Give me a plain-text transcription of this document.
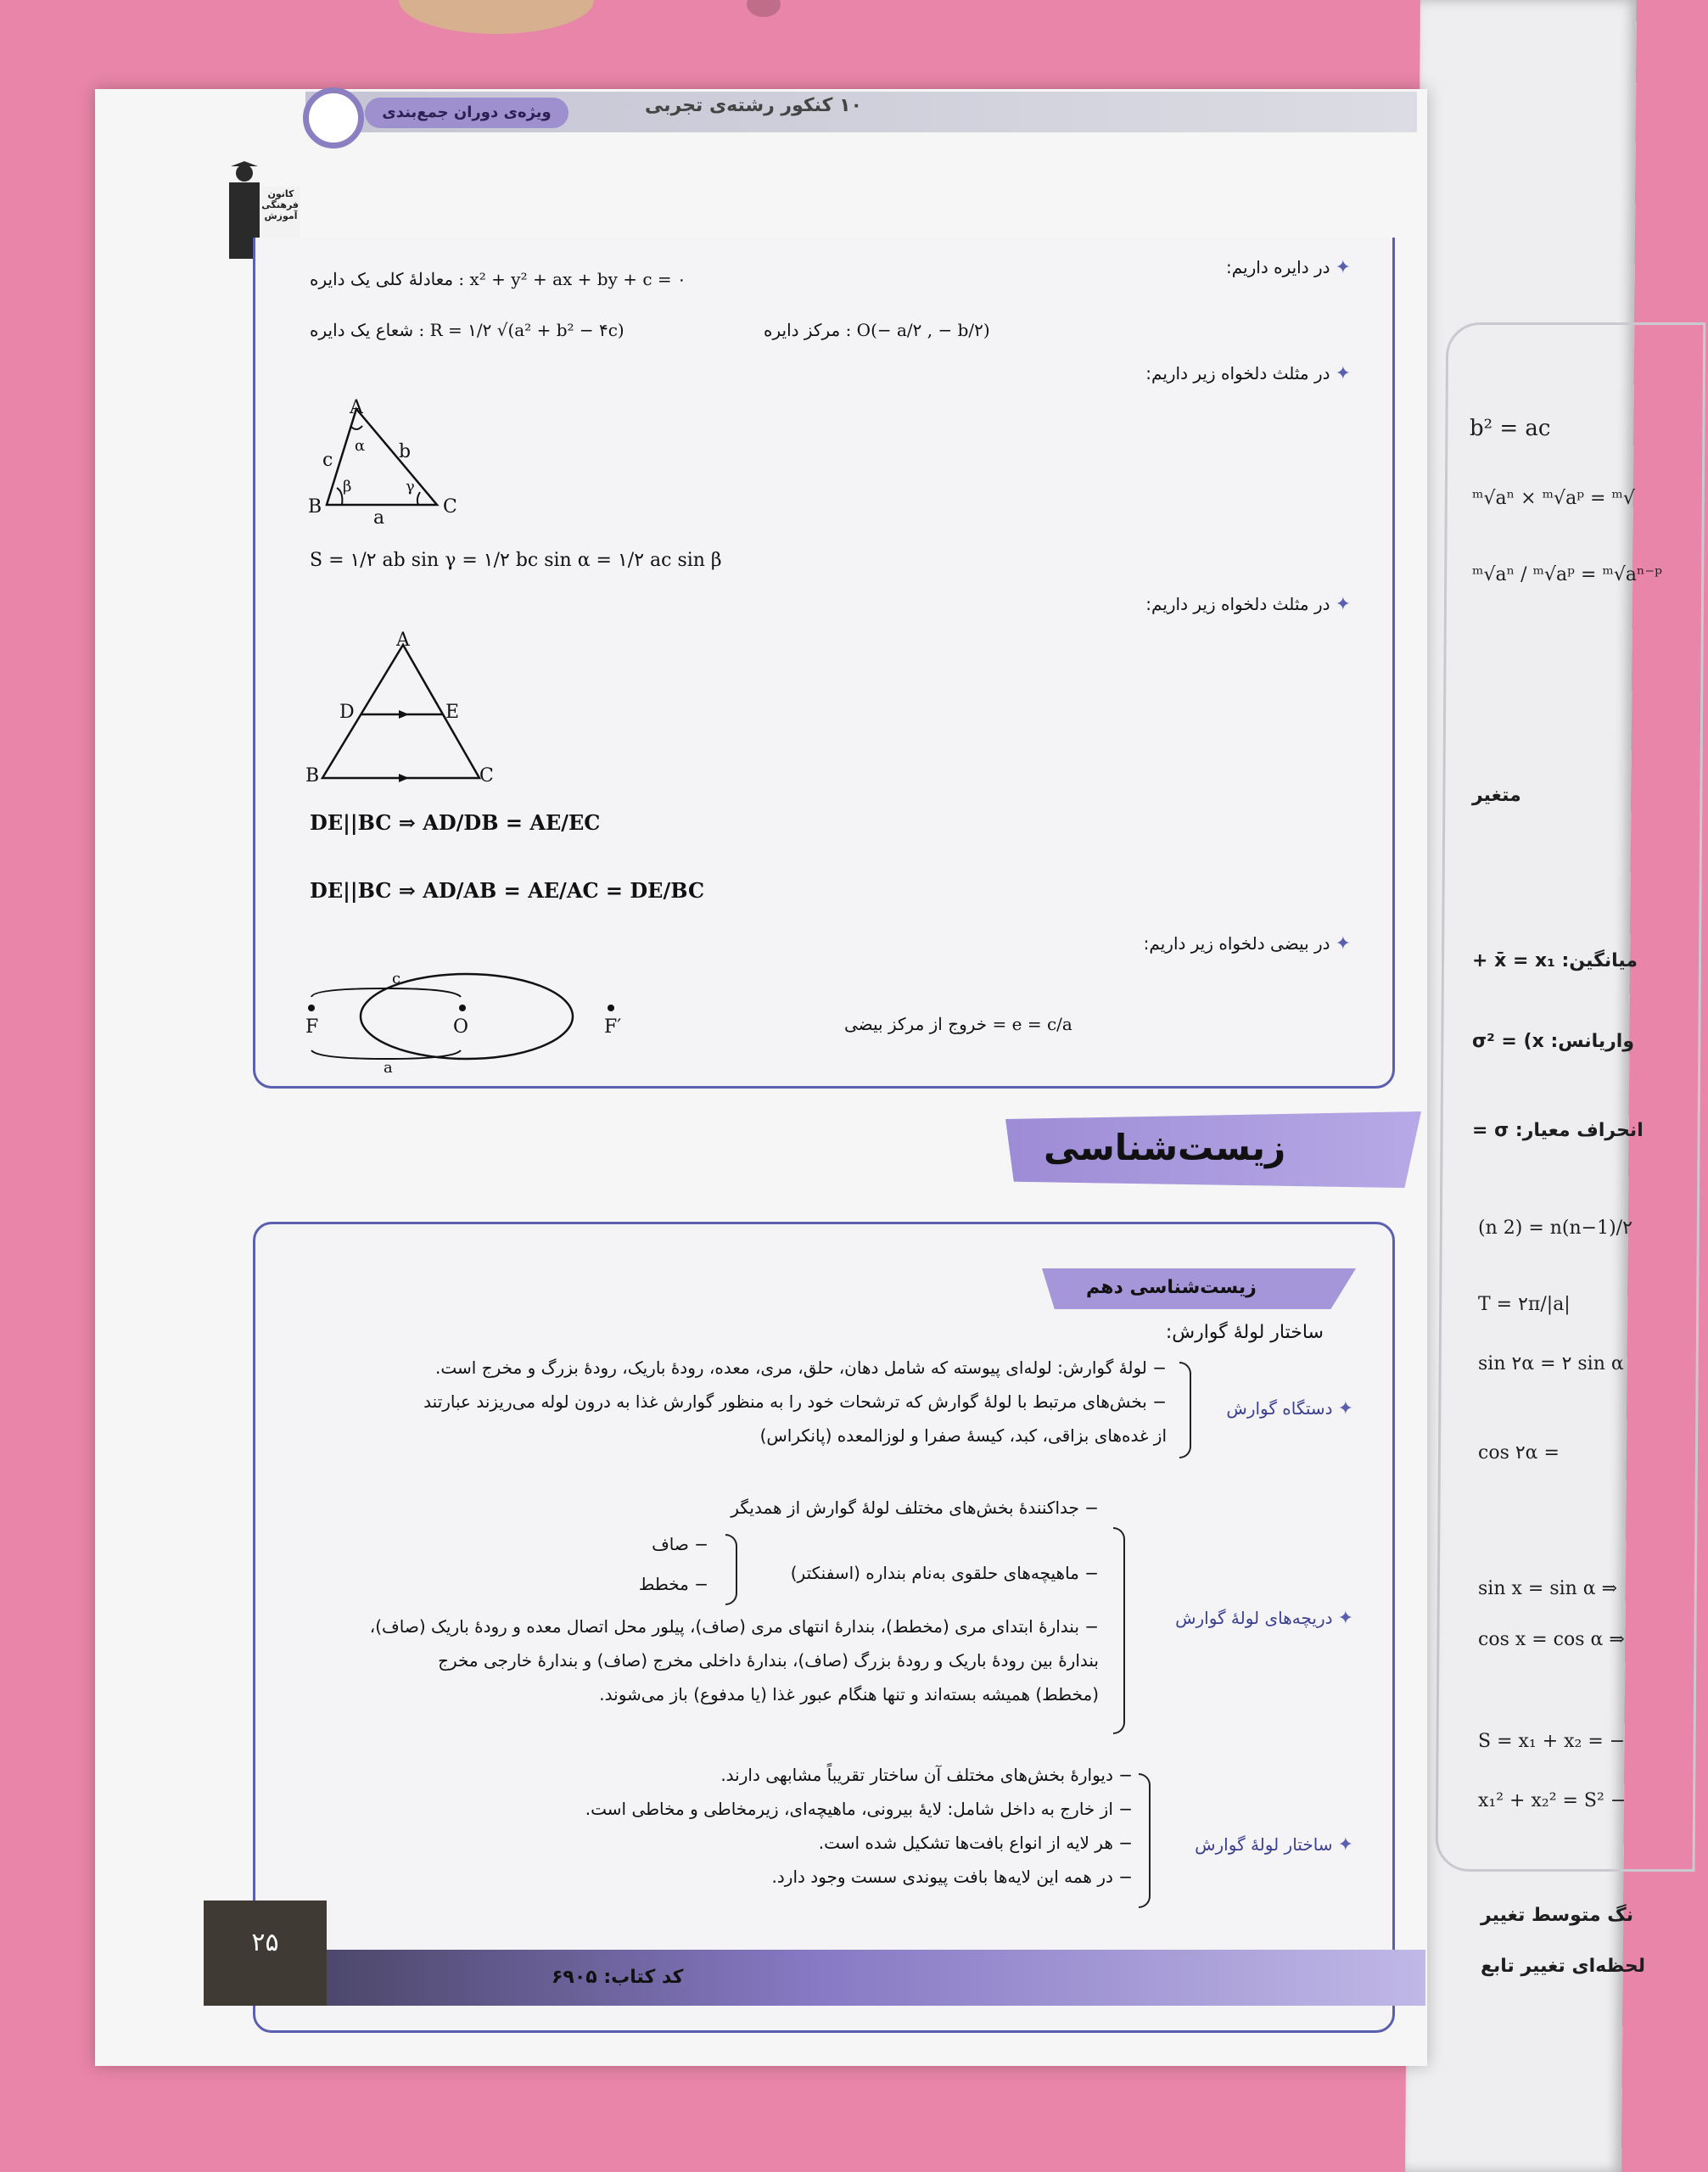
b² = ac
ᵐ√aⁿ × ᵐ√aᵖ = ᵐ√
ᵐ√aⁿ / ᵐ√aᵖ = ᵐ√aⁿ⁻ᵖ
متغیر
میانگین: x̄ = x₁ +
واریانس: σ² = (x
انحراف معیار: σ =
(n 2) = n(n−1)/۲
T = ۲π/|a|
sin ۲α = ۲ sin α
cos ۲α =
sin x = sin α ⇒
cos x = cos α ⇒
S = x₁ + x₂ = −
x₁² + x₂² = S² −
نگ متوسط تغییر
لحظه‌ای تغییر تابع
۱۰ کنکور رشته‌ی تجربی
ویژه‌ی دوران جمع‌بندی
کانون فرهنگی آموزش
✦در دایره داریم:
x² + y² + ax + by + c = ۰ : معادلهٔ کلی یک دایره
R = ۱/۲ √(a² + b² − ۴c) : شعاع یک دایره	O(− a/۲ , − b/۲) : مرکز دایره
✦در مثلث دلخواه زیر داریم:
A
B	C
c	b
a
α
β	γ
S = ۱/۲ ab sin γ = ۱/۲ bc sin α = ۱/۲ ac sin β
✦در مثلث دلخواه زیر داریم:
A
D	E
B	C
DE||BC ⇒ AD/DB = AE/EC
DE||BC ⇒ AD/AB = AE/AC = DE/BC
✦در بیضی دلخواه زیر داریم:
F	O	F′
c
a
e = c/a = خروج از مرکز بیضی
زیست‌شناسی
زیست‌شناسی دهم
ساختار لولهٔ گوارش:
✦دستگاه گوارش
− لولهٔ گوارش: لوله‌ای پیوسته که شامل دهان، حلق، مری، معده، رودهٔ باریک، رودهٔ بزرگ و مخرج است.
− بخش‌های مرتبط با لولهٔ گوارش که ترشحات خود را به منظور گوارش غذا به درون لوله می‌ریزند عبارتند
از غده‌های بزاقی، کبد، کیسهٔ صفرا و لوزالمعده (پانکراس)
✦دریچه‌های لولهٔ گوارش
− جداکنندهٔ بخش‌های مختلف لولهٔ گوارش از همدیگر
− ماهیچه‌های حلقوی به‌نام بنداره (اسفنکتر)
− صاف
− مخطط
− بندارهٔ ابتدای مری (مخطط)، بندارهٔ انتهای مری (صاف)، پیلور محل اتصال معده و رودهٔ باریک (صاف)،
بندارهٔ بین رودهٔ باریک و رودهٔ بزرگ (صاف)، بندارهٔ داخلی مخرج (صاف) و بندارهٔ خارجی مخرج
(مخطط) همیشه بسته‌اند و تنها هنگام عبور غذا (یا مدفوع) باز می‌شوند.
✦ساختار لولهٔ گوارش
− دیوارهٔ بخش‌های مختلف آن ساختار تقریباً مشابهی دارند.
− از خارج به داخل شامل: لایهٔ بیرونی، ماهیچه‌ای، زیرمخاطی و مخاطی است.
− هر لایه از انواع بافت‌ها تشکیل شده است.
− در همه این لایه‌ها بافت پیوندی سست وجود دارد.
۲۵
کد کتاب: ۶۹۰۵
